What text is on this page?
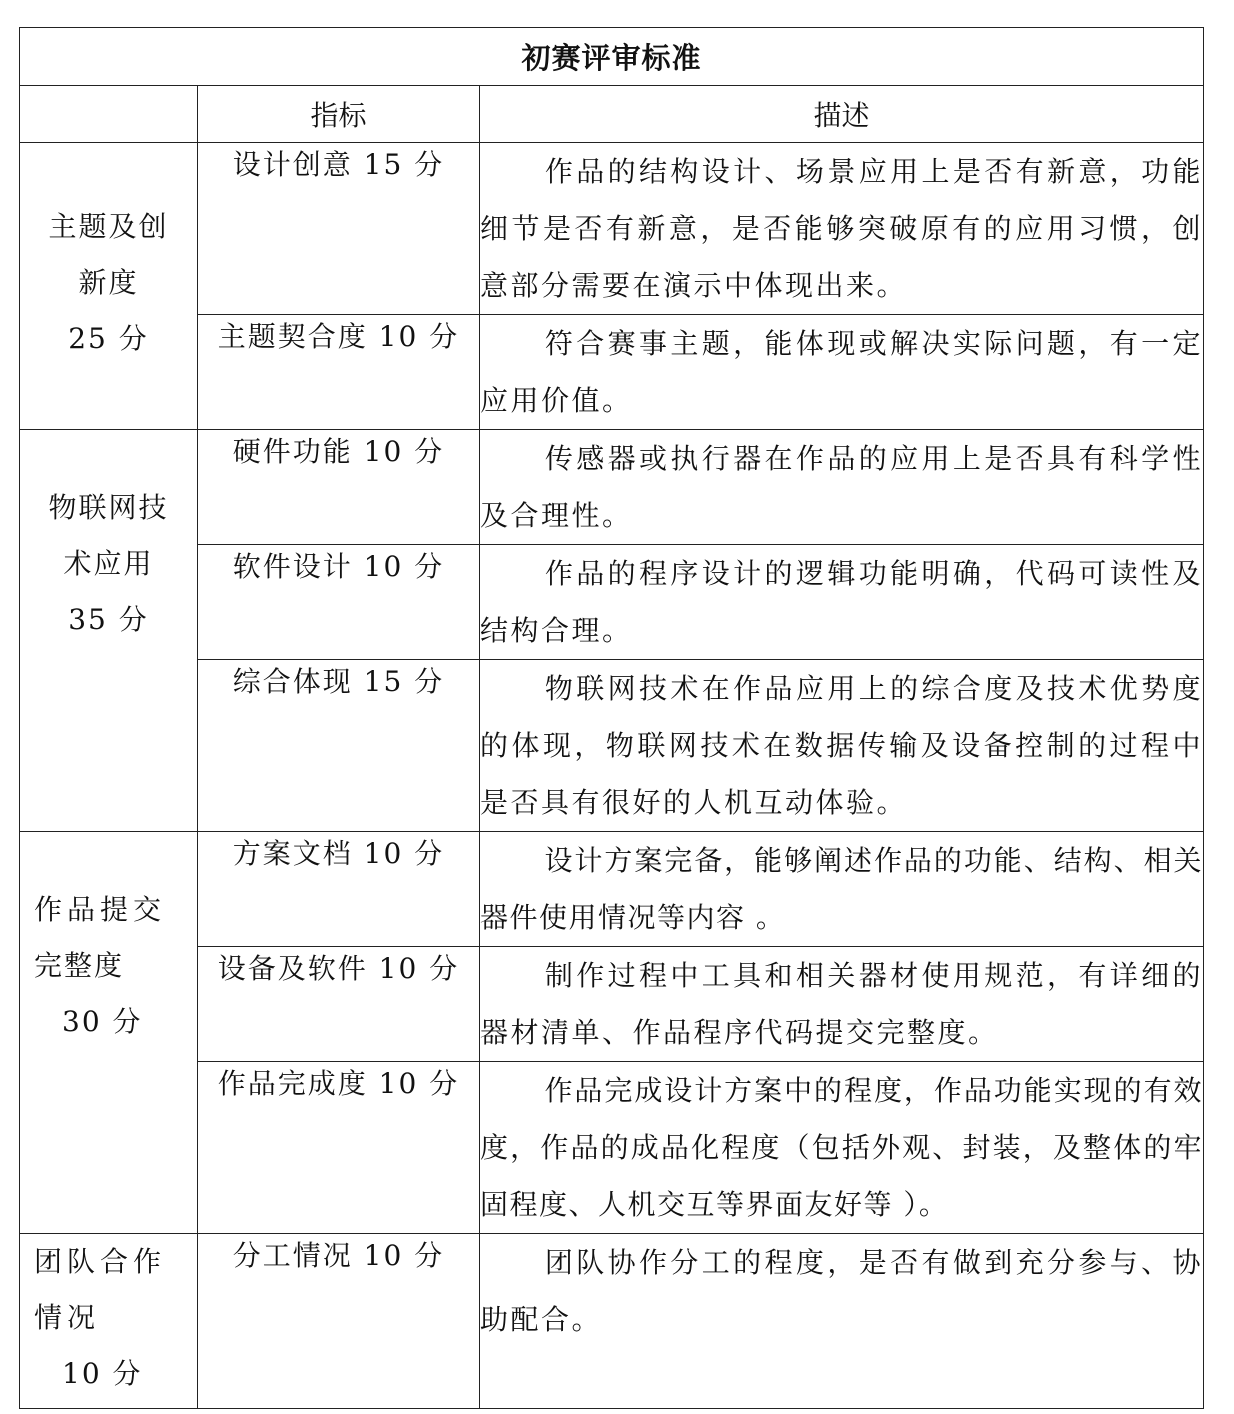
初赛评审标准		
	指标	描述

主题及创
新度
25 分	设计创意 15 分	作品的结构设计、场景应用上是否有新意，功能细节是否有新意，是否能够突破原有的应用习惯，创意部分需要在演示中体现出来。
	主题契合度 10 分	符合赛事主题，能体现或解决实际问题，有一定应用价值。

物联网技
术应用
35 分	硬件功能 10 分	传感器或执行器在作品的应用上是否具有科学性及合理性。
	软件设计 10 分	作品的程序设计的逻辑功能明确，代码可读性及结构合理。
	综合体现 15 分	物联网技术在作品应用上的综合度及技术优势度的体现，物联网技术在数据传输及设备控制的过程中是否具有很好的人机互动体验。

作品提交
完整度
30 分	方案文档 10 分	设计方案完备，能够阐述作品的功能、结构、相关器件使用情况等内容 。
	设备及软件 10 分	制作过程中工具和相关器材使用规范，有详细的器材清单、作品程序代码提交完整度。
	作品完成度 10 分	作品完成设计方案中的程度，作品功能实现的有效度，作品的成品化程度（包括外观、封装，及整体的牢固程度、人机交互等界面友好等 ）。

团队合作
情况
10 分	分工情况 10 分	团队协作分工的程度，是否有做到充分参与、协助配合。
